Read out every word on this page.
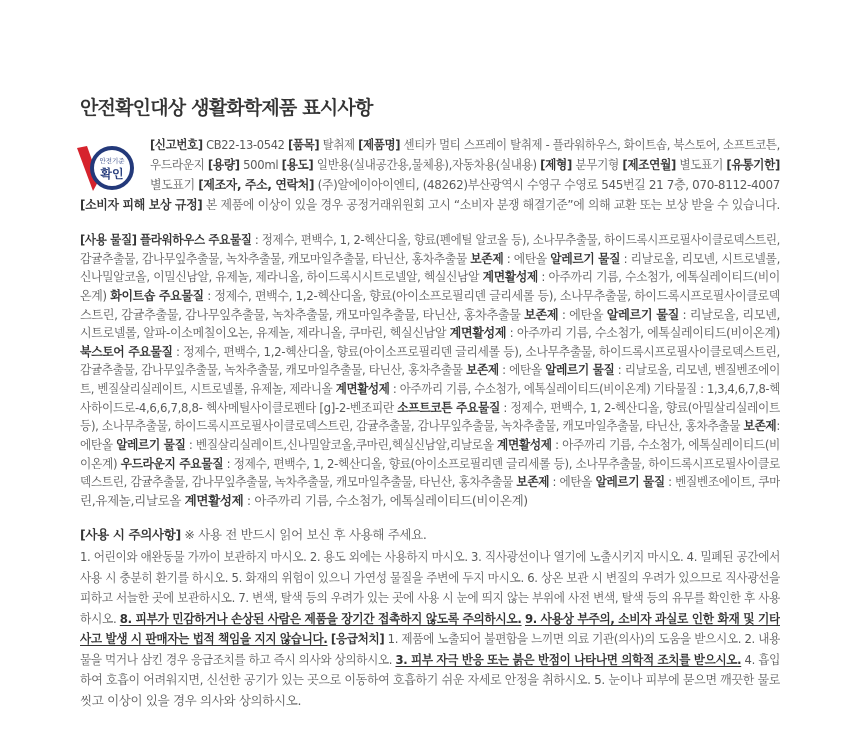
안전확인대상 생활화학제품 표시사항
안전기준
확인
[신고번호] CB22-13-0542 [품목] 탈취제 [제품명] 센티카 멀티 스프레이 탈취제 - 플라워하우스, 화이트솝, 북스토어, 소프트코튼,
우드라운지 [용량] 500ml [용도] 일반용(실내공간용,물체용),자동차용(실내용) [제형] 분무기형 [제조연월] 별도표기 [유통기한]
별도표기 [제조자, 주소, 연락처] (주)알에이아이엔티, (48262)부산광역시 수영구 수영로 545번길 21 7층, 070-8112-4007
[소비자 피해 보상 규정] 본 제품에 이상이 있을 경우 공정거래위원회 고시 “소비자 분쟁 해결기준”에 의해 교환 또는 보상 받을 수 있습니다.
[사용 물질] 플라워하우스 주요물질 : 정제수, 편백수, 1, 2-헥산디올, 향료(펜에틸 알코올 등), 소나무추출물, 하이드록시프로필사이클로덱스트린,
감귤추출물, 감나무잎추출물, 녹차추출물, 캐모마일추출물, 타닌산, 홍차추출물 보존제 : 에탄올 알레르기 물질 : 리날로올, 리모넨, 시트로넬롤,
신나밀알코올, 이밀신남알, 유제놀, 제라니올, 하이드록시시트로넬알, 헥실신남알 계면활성제 : 아주까리 기름, 수소첨가, 에톡실레이티드(비이
온계) 화이트솝 주요물질 : 정제수, 편백수, 1,2-헥산디올, 향료(아이소프로필리덴 글리세롤 등), 소나무추출물, 하이드록시프로필사이클로덱
스트린, 감귤추출물, 감나무잎추출물, 녹차추출물, 캐모마일추출물, 타닌산, 홍차추출물 보존제 : 에탄올 알레르기 물질 : 리날로올, 리모넨,
시트로넬롤, 알파-이소메칠이오논, 유제놀, 제라니올, 쿠마린, 헥실신남알 계면활성제 : 아주까리 기름, 수소첨가, 에톡실레이티드(비이온계)
북스토어 주요물질 : 정제수, 편백수, 1,2-헥산디올, 향료(아이소프로필리덴 글리세롤 등), 소나무추출물, 하이드록시프로필사이클로덱스트린,
감귤추출물, 감나무잎추출물, 녹차추출물, 캐모마일추출물, 타닌산, 홍차추출물 보존제 : 에탄올 알레르기 물질 : 리날로올, 리모넨, 벤질벤조에이
트, 벤질살리실레이트, 시트로넬롤, 유제놀, 제라니올 계면활성제 : 아주까리 기름, 수소첨가, 에톡실레이티드(비이온계) 기타물질 : 1,3,4,6,7,8-헥
사하이드로-4,6,6,7,8,8- 헥사메틸사이클로펜타 [g]-2-벤조피란 소프트코튼 주요물질 : 정제수, 편백수, 1, 2-헥산디올, 향료(아밀살리실레이트
등), 소나무추출물, 하이드록시프로필사이클로덱스트린, 감귤추출물, 감나무잎추출물, 녹차추출물, 캐모마일추출물, 타닌산, 홍차추출물 보존제:
에탄올 알레르기 물질 : 벤질살리실레이트,신나밀알코올,쿠마린,헥실신남알,리날로올 계면활성제 : 아주까리 기름, 수소첨가, 에톡실레이티드(비
이온계) 우드라운지 주요물질 : 정제수, 편백수, 1, 2-헥산디올, 향료(아이소프로필리덴 글리세롤 등), 소나무추출물, 하이드록시프로필사이클로
덱스트린, 감귤추출물, 감나무잎추출물, 녹차추출물, 캐모마일추출물, 타닌산, 홍차추출물 보존제 : 에탄올 알레르기 물질 : 벤질벤조에이트, 쿠마
린,유제놀,리날로올 계면활성제 : 아주까리 기름, 수소첨가, 에톡실레이티드(비이온계)
[사용 시 주의사항] ※ 사용 전 반드시 읽어 보신 후 사용해 주세요.
1. 어린이와 애완동물 가까이 보관하지 마시오. 2. 용도 외에는 사용하지 마시오. 3. 직사광선이나 열기에 노출시키지 마시오. 4. 밀폐된 공간에서
사용 시 충분히 환기를 하시오. 5. 화재의 위험이 있으니 가연성 물질을 주변에 두지 마시오. 6. 상온 보관 시 변질의 우려가 있으므로 직사광선을
피하고 서늘한 곳에 보관하시오. 7. 변색, 탈색 등의 우려가 있는 곳에 사용 시 눈에 띄지 않는 부위에 사전 변색, 탈색 등의 유무를 확인한 후 사용
하시오. 8. 피부가 민감하거나 손상된 사람은 제품을 장기간 접촉하지 않도록 주의하시오. 9. 사용상 부주의, 소비자 과실로 인한 화재 및 기타
사고 발생 시 판매자는 법적 책임을 지지 않습니다. [응급처치] 1. 제품에 노출되어 불편함을 느끼면 의료 기관(의사)의 도움을 받으시오. 2. 내용
물을 먹거나 삼킨 경우 응급조치를 하고 즉시 의사와 상의하시오. 3. 피부 자극 반응 또는 붉은 반점이 나타나면 의학적 조치를 받으시오. 4. 흡입
하여 호흡이 어려워지면, 신선한 공기가 있는 곳으로 이동하여 호흡하기 쉬운 자세로 안정을 취하시오. 5. 눈이나 피부에 묻으면 깨끗한 물로
씻고 이상이 있을 경우 의사와 상의하시오.
